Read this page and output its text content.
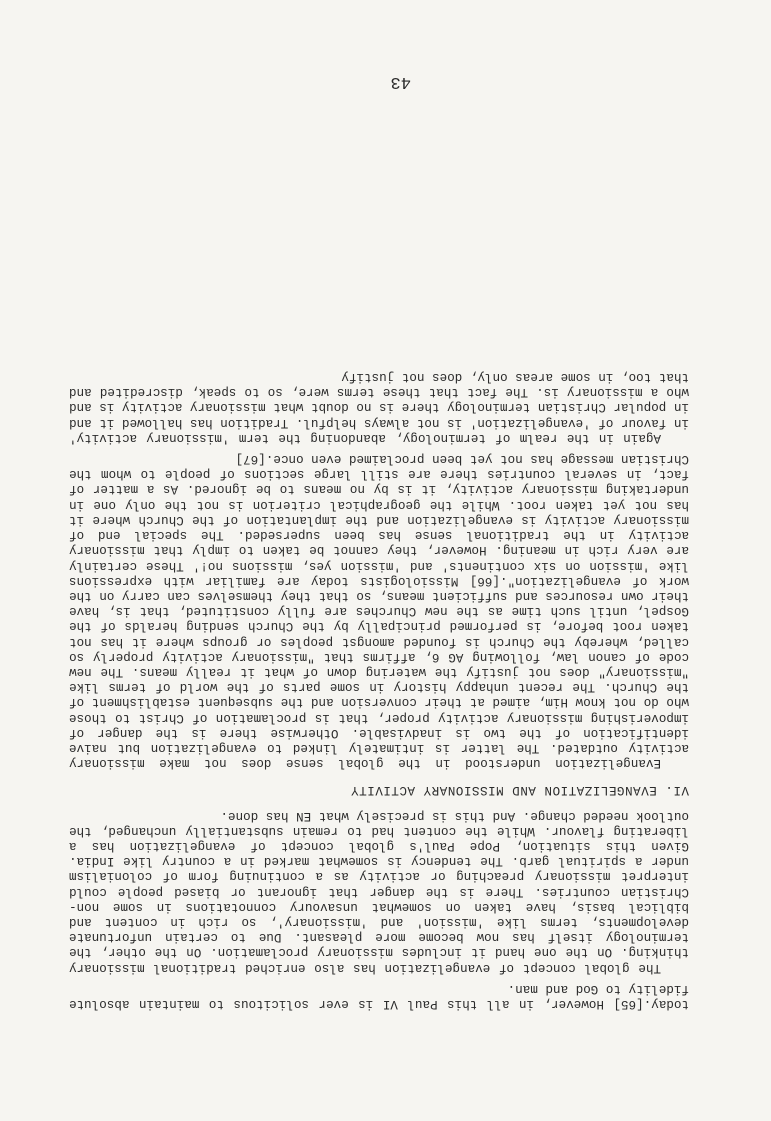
today.[65] However, in all this Paul VI is ever solicitous to maintain absolute fidelity to God and man.

The global concept of evangelization has also enriched traditional missionary thinking. On the one hand it includes missionary proclamation. On the other, the terminology itself has now become more pleasant. Due to certain unfortunate developments, terms like 'mission' and 'missionary', so rich in content and biblical basis, have taken on somewhat unsavoury connotations in some non-Christian countries. There is the danger that ignorant or biased people could interpret missionary preaching or activity as a continuing form of colonialism under a spiritual garb. The tendency is somewhat marked in a country like India. Given this situation, Pope Paul's global concept of evangelization has a liberating flavour. While the content had to remain substantially unchanged, the outlook needed change. And this is precisely what EN has done.

VI. EVANGELIZATION AND MISSIONARY ACTIVITY

Evangelization understood in the global sense does not make missionary activity outdated. The latter is intimately linked to evangelization but naive identification of the two is inadvisable. Otherwise there is the danger of impoverishing missionary activity proper, that is proclamation of Christ to those who do not know Him, aimed at their conversion and the subsequent establishment of the Church. The recent unhappy history in some parts of the world of terms like "missionary" does not justify the watering down of what it really means. The new code of canon law, following AG 6, affirms that "missionary activity properly so called, whereby the Church is founded amongst peoples or groups where it has not taken root before, is performed principally by the Church sending heralds of the Gospel, until such time as the new Churches are fully constituted, that is, have their own resources and sufficient means, so that they themselves can carry on the work of evangelization".[66] Missiologists today are familiar with expressions like 'mission on six continents' and 'mission yes, missions no!' These certainly are very rich in meaning. However, they cannot be taken to imply that missionary activity in the traditional sense has been superseded. The special end of missionary activity is evangelization and the implantation of the Church where it has not yet taken root. While the geographical criterion is not the only one in undertaking missionary activity, it is by no means to be ignored. As a matter of fact, in several countries there are still large sections of people to whom the Christian message has not yet been proclaimed even once.[67]

Again in the realm of terminology, abandoning the term 'missionary activity' in favour of 'evangelization' is not always helpful. Tradition has hallowed it and in popular Christian terminology there is no doubt what missionary activity is and who a missionary is. The fact that these terms were, so to speak, discredited and that too, in some areas only, does not justify

43
